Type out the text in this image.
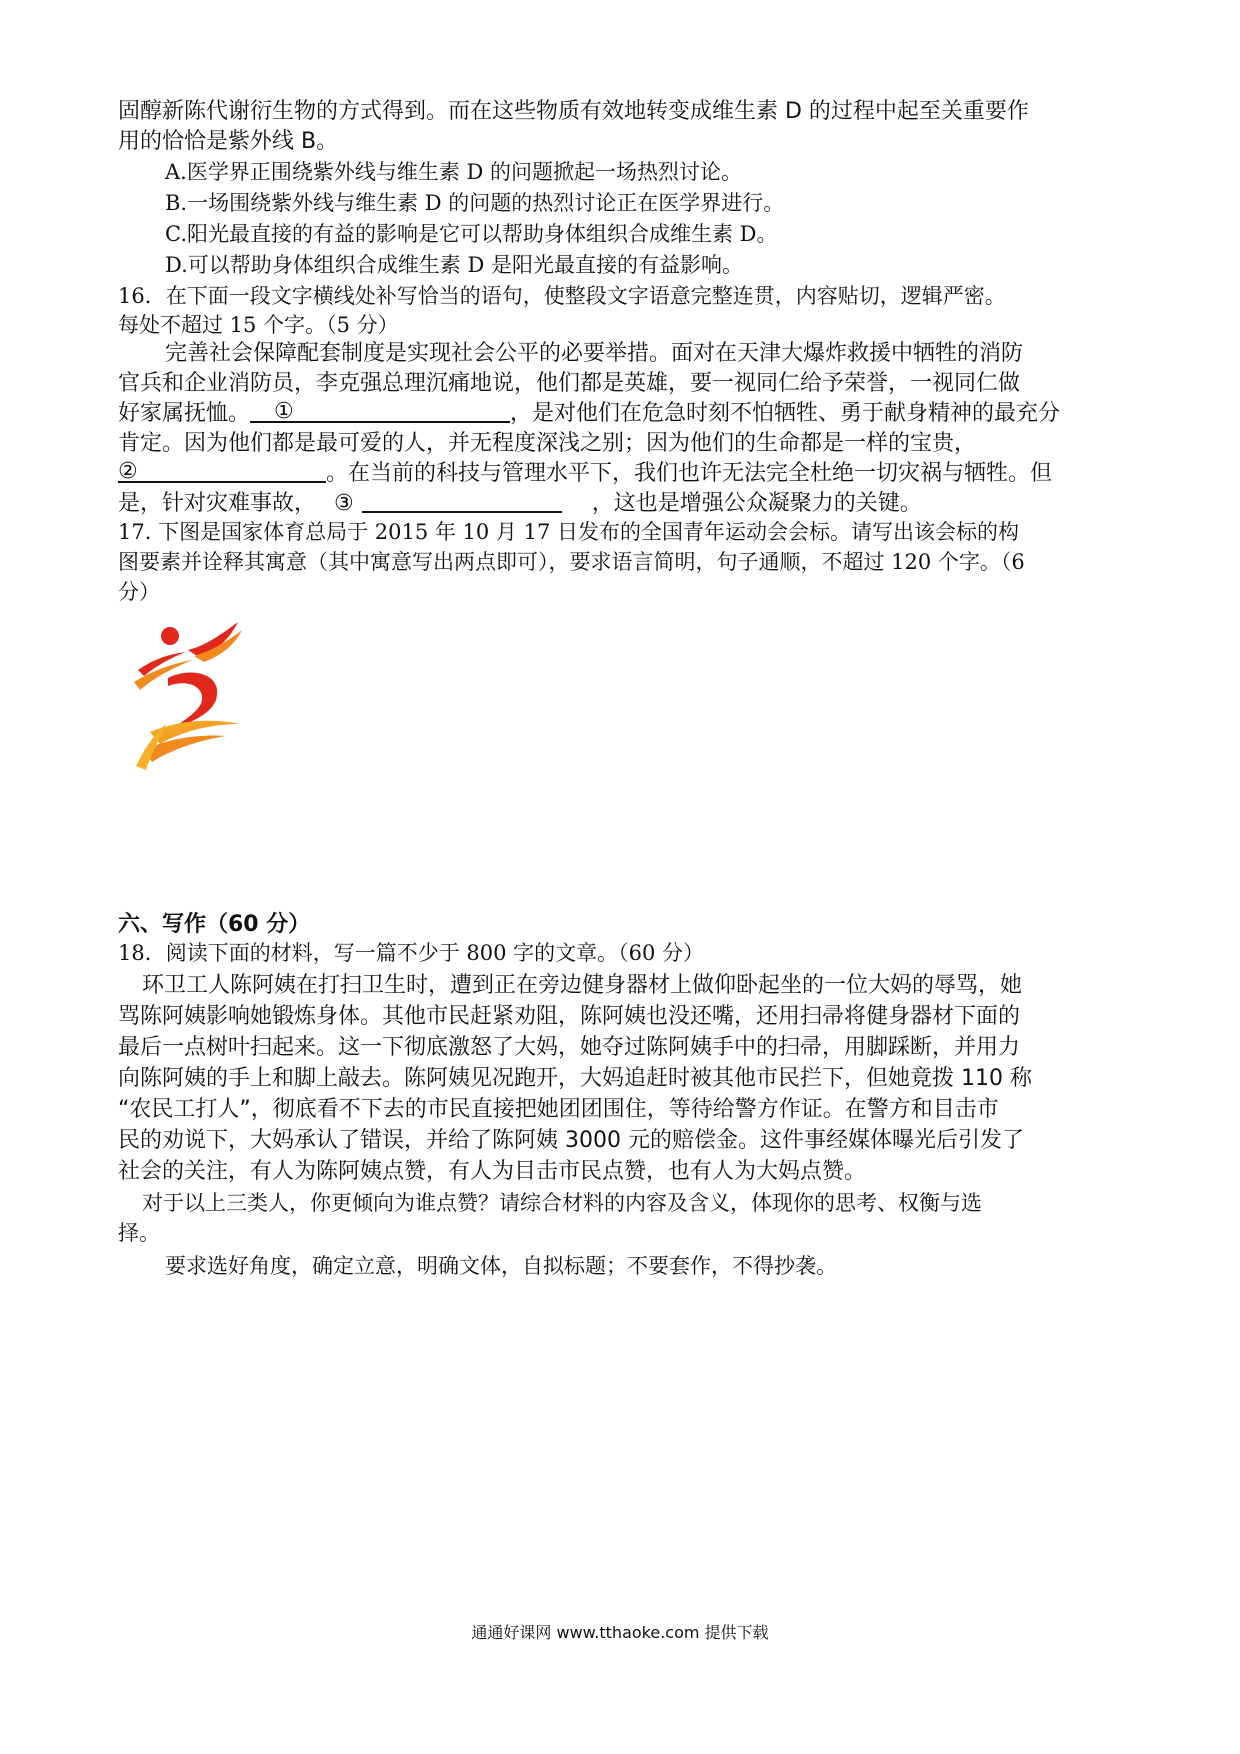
固醇新陈代谢衍生物的方式得到。而在这些物质有效地转变成维生素 D 的过程中起至关重要作
用的恰恰是紫外线 B。
A.医学界正围绕紫外线与维生素 D 的问题掀起一场热烈讨论。
B.一场围绕紫外线与维生素 D 的问题的热烈讨论正在医学界进行。
C.阳光最直接的有益的影响是它可以帮助身体组织合成维生素 D。
D.可以帮助身体组织合成维生素 D 是阳光最直接的有益影响。
16．在下面一段文字横线处补写恰当的语句，使整段文字语意完整连贯，内容贴切，逻辑严密。
每处不超过 15 个字。（5 分）
完善社会保障配套制度是实现社会公平的必要举措。面对在天津大爆炸救援中牺牲的消防
官兵和企业消防员，李克强总理沉痛地说，他们都是英雄，要一视同仁给予荣誉，一视同仁做
好家属抚恤。 ①	，是对他们在危急时刻不怕牺牲、勇于献身精神的最充分
肯定。因为他们都是最可爱的人，并无程度深浅之别；因为他们的生命都是一样的宝贵，
②	。在当前的科技与管理水平下，我们也许无法完全杜绝一切灾祸与牺牲。但
是，针对灾难事故， ③	，这也是增强公众凝聚力的关键。
17. 下图是国家体育总局于 2015 年 10 月 17 日发布的全国青年运动会会标。请写出该会标的构
图要素并诠释其寓意（其中寓意写出两点即可），要求语言简明，句子通顺，不超过 120 个字。（6
分）
六、写作（60 分）
18．阅读下面的材料，写一篇不少于 800 字的文章。（60 分）
环卫工人陈阿姨在打扫卫生时，遭到正在旁边健身器材上做仰卧起坐的一位大妈的辱骂，她
骂陈阿姨影响她锻炼身体。其他市民赶紧劝阻，陈阿姨也没还嘴，还用扫帚将健身器材下面的
最后一点树叶扫起来。这一下彻底激怒了大妈，她夺过陈阿姨手中的扫帚，用脚踩断，并用力
向陈阿姨的手上和脚上敲去。陈阿姨见况跑开，大妈追赶时被其他市民拦下，但她竟拨 110 称
“农民工打人”，彻底看不下去的市民直接把她团团围住，等待给警方作证。在警方和目击市
民的劝说下，大妈承认了错误，并给了陈阿姨 3000 元的赔偿金。这件事经媒体曝光后引发了
社会的关注，有人为陈阿姨点赞，有人为目击市民点赞，也有人为大妈点赞。
对于以上三类人，你更倾向为谁点赞？请综合材料的内容及含义，体现你的思考、权衡与选
择。
要求选好角度，确定立意，明确文体，自拟标题；不要套作，不得抄袭。
通通好课网 www.tthaoke.com 提供下载
